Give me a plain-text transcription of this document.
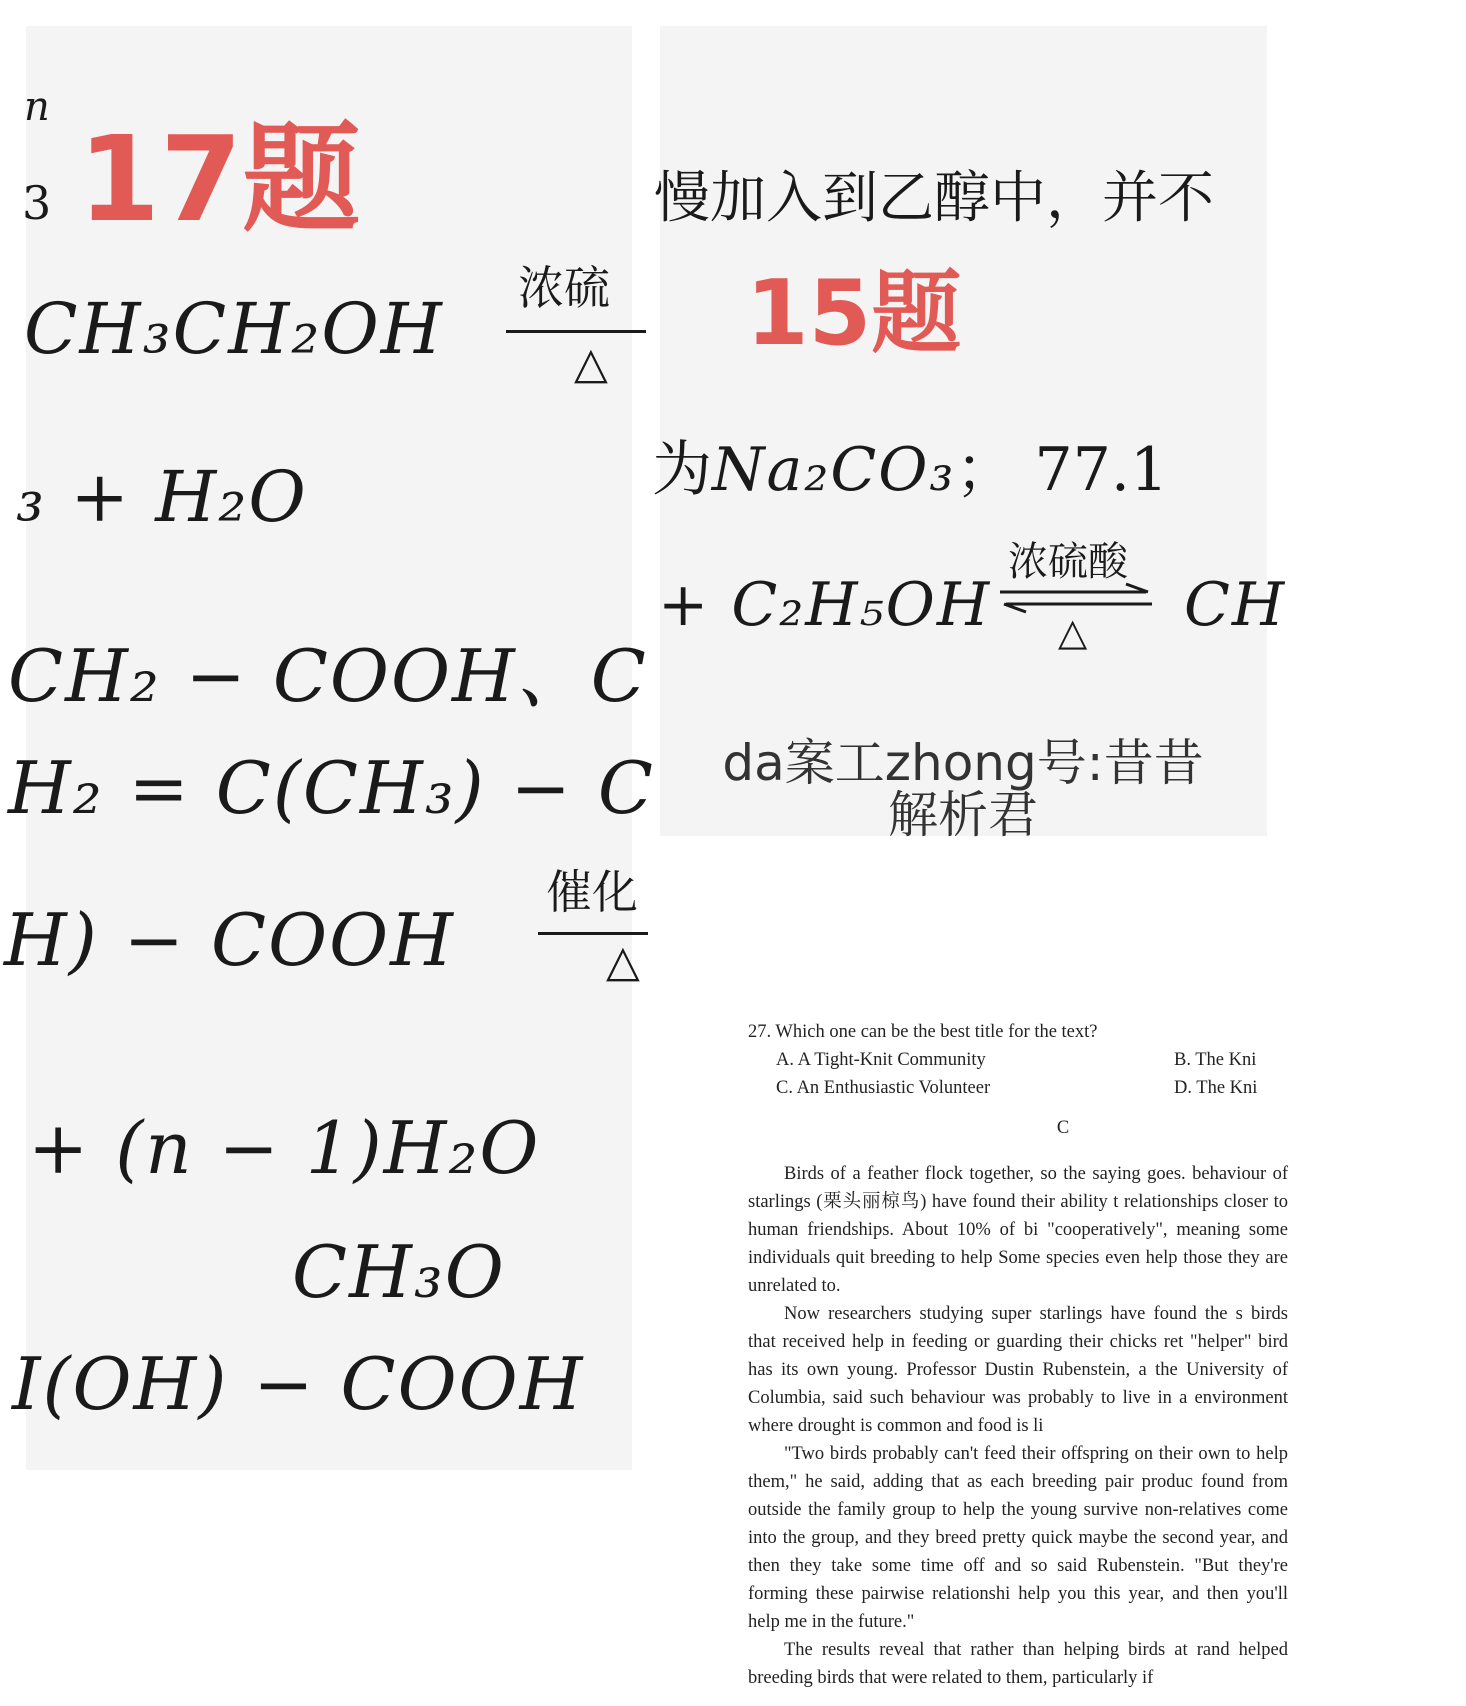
n
3 17题
CH₃CH₂OH 浓硫
△
₃ + H₂O
CH₂ − COOH、C
H₂ = C(CH₃) − C
H) − COOH
催化
△
+ (n − 1)H₂O
CH₃O
I(OH) − COOH
慢加入到乙醇中，并不
15题
为Na₂CO₃； 77.1
+ C₂H₅OH
浓硫酸
△ CH
da案工zhong号:昔昔
解析君
27. Which one can be the best title for the text?
A. A Tight-Knit Community	B. The Kni
C. An Enthusiastic Volunteer	D. The Kni
C

Birds of a feather flock together, so the saying goes. behaviour of starlings (栗头丽椋鸟) have found their ability t relationships closer to human friendships. About 10% of bi "cooperatively", meaning some individuals quit breeding to help Some species even help those they are unrelated to.

Now researchers studying super starlings have found the s birds that received help in feeding or guarding their chicks ret "helper" bird has its own young. Professor Dustin Rubenstein, a the University of Columbia, said such behaviour was probably to live in a environment where drought is common and food is li

"Two birds probably can't feed their offspring on their own to help them," he said, adding that as each breeding pair produc found from outside the family group to help the young survive non-relatives come into the group, and they breed pretty quick maybe the second year, and then they take some time off and so said Rubenstein. "But they're forming these pairwise relationshi help you this year, and then you'll help me in the future."

The results reveal that rather than helping birds at rand helped breeding birds that were related to them, particularly if
